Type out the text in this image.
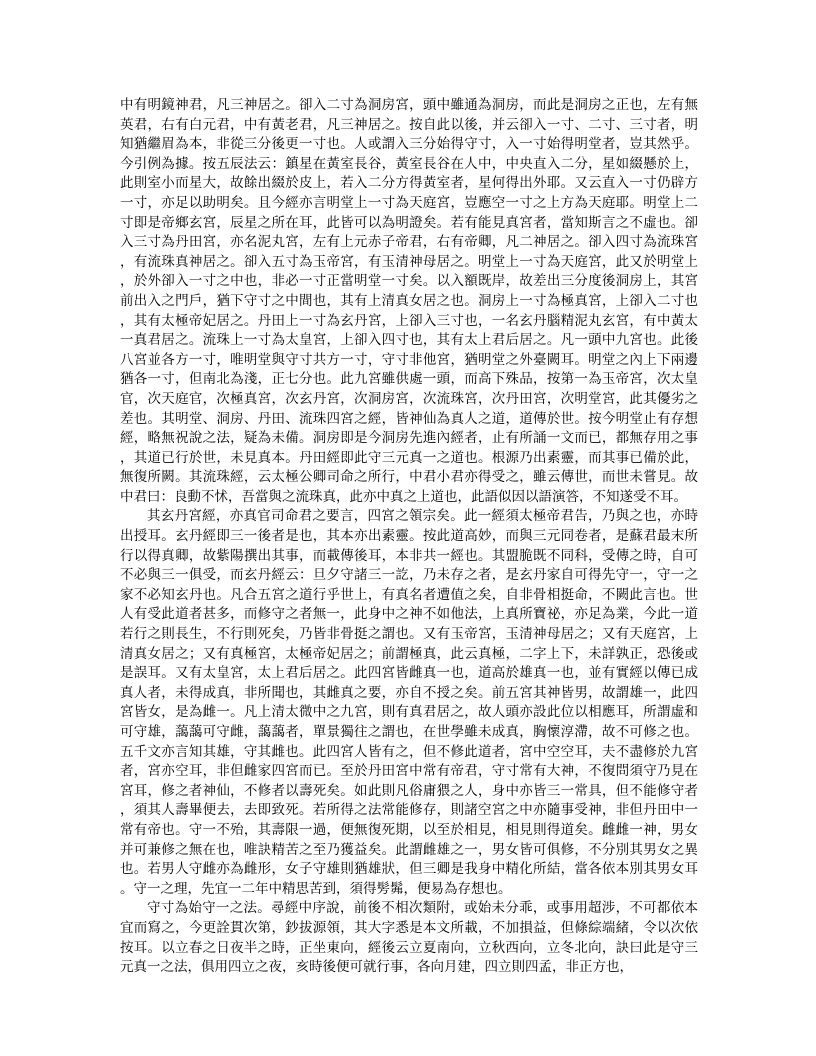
中有明鏡神君，凡三神居之。卻入二寸為洞房宮，頭中雖通為洞房，而此是洞房之正也，左有無英君，右有白元君，中有黃老君，凡三神居之。按自此以後，并云卻入一寸、二寸、三寸者，明知猶繼眉為本，非從三分後更一寸也。人或謂入三分始得守寸，入一寸始得明堂者，豈其然乎。今引例為據。按五辰法云：鎮星在黃室長谷，黃室長谷在人中，中央直入二分，星如綴懸於上，此則室小而星大，故餘出綴於皮上，若入二分方得黃室者，星何得出外耶。又云直入一寸仍辟方一寸，亦足以助明矣。且今經亦言明堂上一寸為天庭宮，豈應空一寸之上方為天庭耶。明堂上二寸即是帝鄉玄宮，辰星之所在耳，此皆可以為明證矣。若有能見真宮者，當知斯言之不虛也。卻入三寸為丹田宮，亦名泥丸宮，左有上元赤子帝君，右有帝卿，凡二神居之。卻入四寸為流珠宮，有流珠真神居之。卻入五寸為玉帝宮，有玉清神母居之。明堂上一寸為天庭宮，此又於明堂上，於外卻入一寸之中也，非必一寸正當明堂一寸矣。以入額既岸，故差出三分度後洞房上，其宮前出入之門戶，猶下守寸之中間也，其有上清真女居之也。洞房上一寸為極真宮，上卻入二寸也，其有太極帝妃居之。丹田上一寸為玄丹宮，上卻入三寸也，一名玄丹腦精泥丸玄宮，有中黃太一真君居之。流珠上一寸為太皇宮，上卻入四寸也，其有太上君后居之。凡一頭中九宮也。此後八宮並各方一寸，唯明堂與守寸共方一寸，守寸非他宮，猶明堂之外臺闕耳。明堂之內上下兩邊猶各一寸，但南北為淺，正七分也。此九宮雖供處一頭，而高下殊品，按第一為玉帝宮，次太皇官，次天庭官，次極真宮，次玄丹宮，次洞房宮，次流珠宮，次丹田宮，次明堂宮，此其優劣之差也。其明堂、洞房、丹田、流珠四宮之經，皆神仙為真人之道，道傳於世。按今明堂止有存想經，略無祝說之法，疑為未備。洞房即是今洞房先進內經者，止有所誦一文而已，都無存用之事，其道已行於世，未見真本。丹田經即此守三元真一之道也。根源乃出素靈，而其事已備於此，無復所闕。其流珠經，云太極公卿司命之所行，中君小君亦得受之，雖云傳世，而世未嘗見。故中君曰：良動不怵，吾當與之流珠真，此亦中真之上道也，此語似因以語演答，不知遂受不耳。

其玄丹宮經，亦真官司命君之要言，四宮之領宗矣。此一經須太極帝君告，乃與之也，亦時出授耳。玄丹經即三一後者是也，其本亦出素靈。按此道高妙，而與三元同卷者，是蘇君最末所行以得真卿，故紫陽撰出其事，而載傳後耳，本非共一經也。其盟脆既不同科，受傳之時，自可不必與三一俱受，而玄丹經云：旦夕守諸三一訖，乃未存之者，是玄丹家自可得先守一，守一之家不必知玄丹也。凡合五宮之道行乎世上，有真名者遭值之矣，自非骨相挺命，不闕此言也。世人有受此道者甚多，而修守之者無一，此身中之神不如他法，上真所寶祕，亦足為業，今此一道若行之則長生，不行則死矣，乃皆非骨挺之謂也。又有玉帝宮，玉清神母居之；又有天庭宮，上清真女居之；又有真極宮，太極帝妃居之；前謂極真，此云真極，二字上下，未詳孰正，恐後或是誤耳。又有太皇宮，太上君后居之。此四宮皆雌真一也，道高於雄真一也，並有實經以傳已成真人者，未得成真，非所聞也，其雌真之要，亦自不授之矣。前五宮其神皆男，故謂雄一，此四宮皆女，是為雌一。凡上清太微中之九宮，則有真君居之，故人頭亦設此位以相應耳，所謂虛和可守雄，藹藹可守雌，藹藹者，單景獨往之謂也，在世學雖未成真，胸懷淳滯，故不可修之也。五千文亦言知其雄，守其雌也。此四宮人皆有之，但不修此道者，宮中空空耳，夫不盡修於九宮者，宮亦空耳，非但雌家四宮而已。至於丹田宮中常有帝君，守寸常有大神，不復問須守乃見在宮耳，修之者神仙，不修者以壽死矣。如此則凡俗庸猥之人，身中亦皆三一常具，但不能修守者，須其人壽畢便去，去即致死。若所得之法常能修存，則諸空宮之中亦隨事受神，非但丹田中一常有帝也。守一不殆，其壽限一過，便無復死期，以至於相見，相見則得道矣。雌雌一神，男女并可兼修之無在也，唯訣精苦之至乃獲益矣。此謂雌雄之一，男女皆可俱修，不分別其男女之異也。若男人守雌亦為雌形，女子守雄則猶雄狀，但三卿是我身中精化所結，當各依本別其男女耳。守一之理，先宜一二年中精思苦到，須得髣髴，便易為存想也。

守寸為始守一之法。尋經中序說，前後不相次類附，或始未分乖，或事用超涉，不可都依本宜而寫之，今更詮貫次第，鈔拔源領，其大字悉是本文所載，不加損益，但條綜端緒，令以次依按耳。以立春之日夜半之時，正坐東向，經後云立夏南向，立秋西向，立冬北向，訣曰此是守三元真一之法，俱用四立之夜，亥時後便可就行事，各向月建，四立則四孟，非正方也，
